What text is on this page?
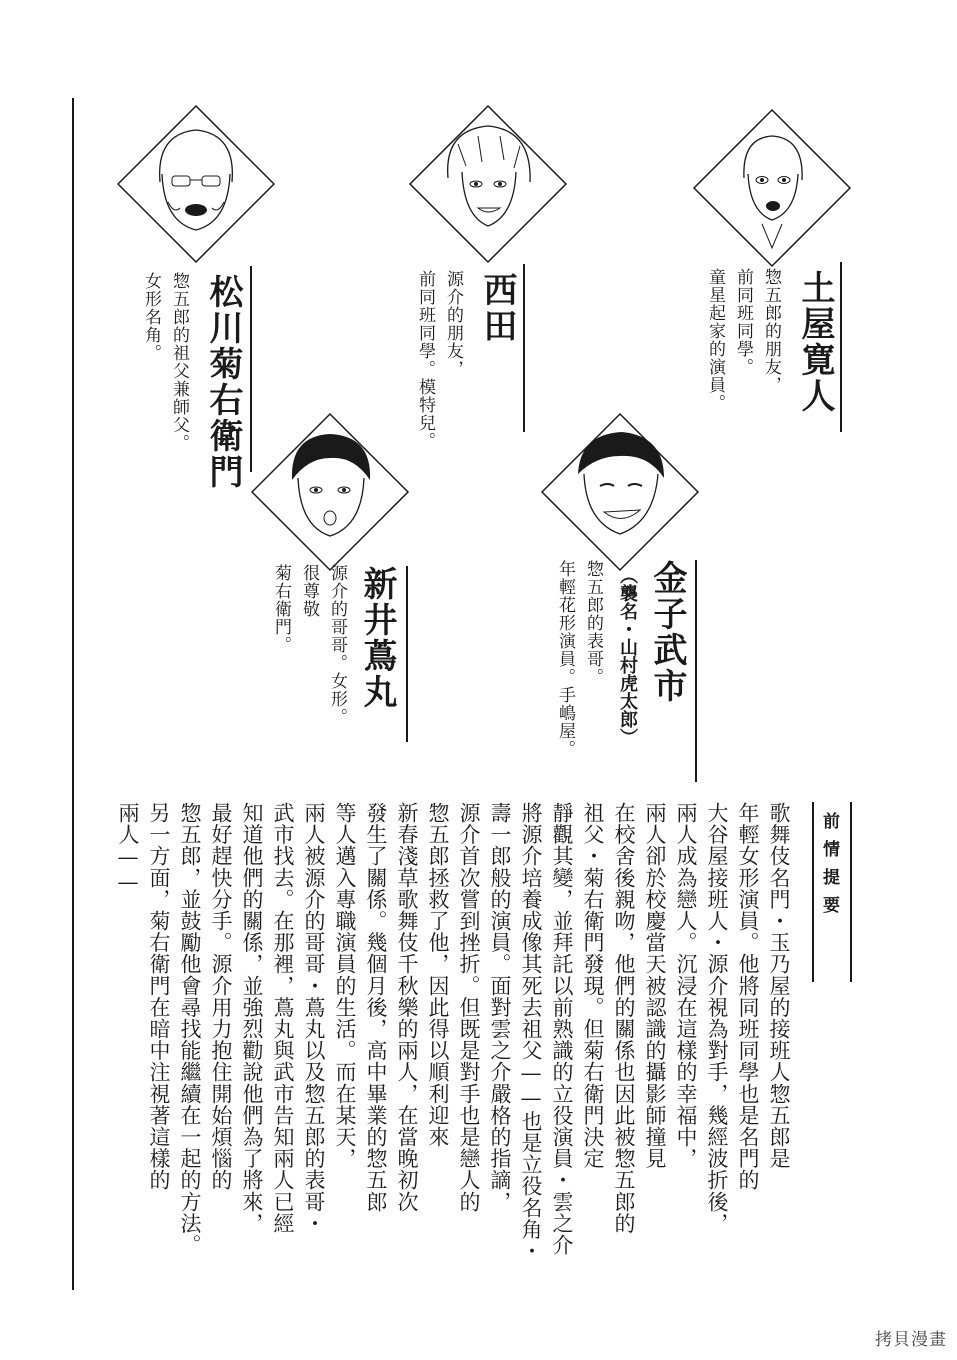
土屋寛人
惣五郎的朋友，
前同班同學。
童星起家的演員。
西田
源介的朋友，
前同班同學。模特兒。
松川菊右衛門
惣五郎的祖父兼師父。
女形名角。
金子武市
（襲名・山村虎太郎）
惣五郎的表哥。
年輕花形演員。手嶋屋。
新井蔦丸
源介的哥哥。女形。
很尊敬
菊右衛門。
前情提要
歌舞伎名門・玉乃屋的接班人惣五郎是
年輕女形演員。他將同班同學也是名門的
大谷屋接班人・源介視為對手，幾經波折後，
兩人成為戀人。沉浸在這樣的幸福中，
兩人卻於校慶當天被認識的攝影師撞見
在校舍後親吻，他們的關係也因此被惣五郎的
祖父・菊右衛門發現。但菊右衛門決定
靜觀其變，並拜託以前熟識的立役演員・雲之介
將源介培養成像其死去祖父——也是立役名角・
壽一郎般的演員。面對雲之介嚴格的指謫，
源介首次嘗到挫折。但既是對手也是戀人的
惣五郎拯救了他，因此得以順利迎來
新春淺草歌舞伎千秋樂的兩人，在當晚初次
發生了關係。幾個月後，高中畢業的惣五郎
等人邁入專職演員的生活。而在某天，
兩人被源介的哥哥・蔦丸以及惣五郎的表哥・
武市找去。在那裡，蔦丸與武市告知兩人已經
知道他們的關係，並強烈勸說他們為了將來，
最好趕快分手。源介用力抱住開始煩惱的
惣五郎，並鼓勵他會尋找能繼續在一起的方法。
另一方面，菊右衛門在暗中注視著這樣的
兩人——
拷貝漫畫
